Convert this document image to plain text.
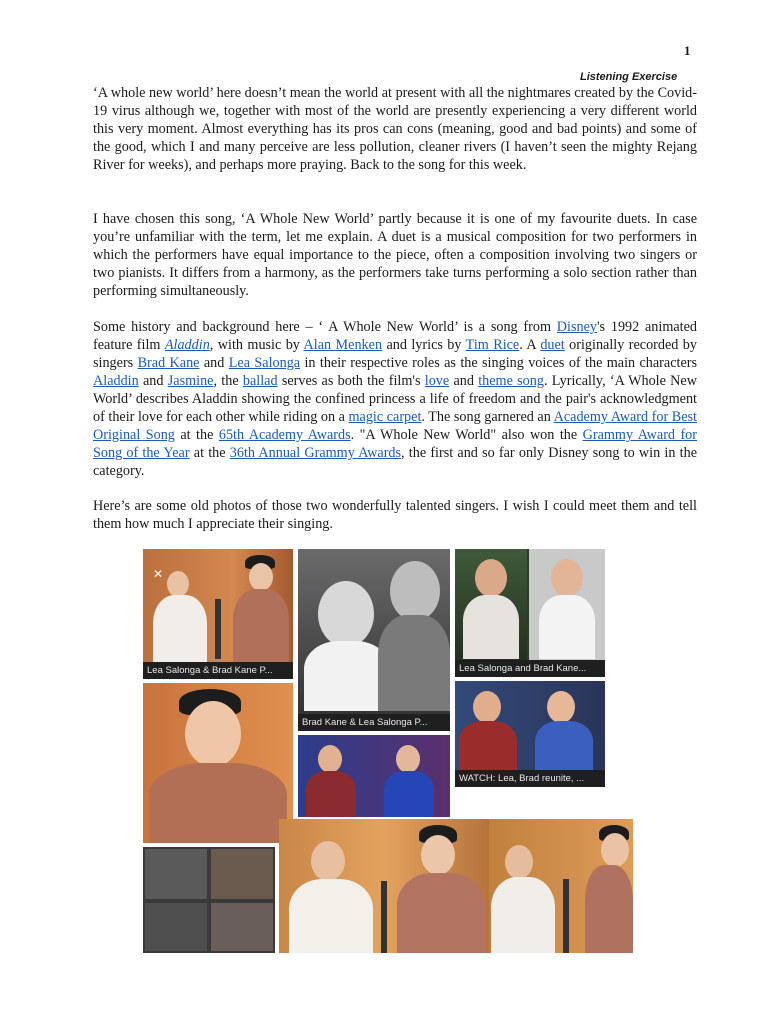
1
Listening Exercise

‘A whole new world’ here doesn’t mean the world at present with all the nightmares created by the Covid-19 virus although we, together with most of the world are presently experiencing a very different world this very moment. Almost everything has its pros can cons (meaning, good and bad points) and some of the good, which I and many perceive are less pollution, cleaner rivers (I haven’t seen the mighty Rejang River for weeks), and perhaps more praying. Back to the song for this week.

I have chosen this song, ‘A Whole New World’ partly because it is one of my favourite duets. In case you’re unfamiliar with the term, let me explain. A duet is a musical composition for two performers in which the performers have equal importance to the piece, often a composition involving two singers or two pianists. It differs from a harmony, as the performers take turns performing a solo section rather than performing simultaneously.

Some history and background here – ‘ A Whole New World’ is a song from Disney's 1992 animated feature film Aladdin, with music by Alan Menken and lyrics by Tim Rice. A duet originally recorded by singers Brad Kane and Lea Salonga in their respective roles as the singing voices of the main characters Aladdin and Jasmine, the ballad serves as both the film's love and theme song. Lyrically, ‘A Whole New World’ describes Aladdin showing the confined princess a life of freedom and the pair's acknowledgment of their love for each other while riding on a magic carpet. The song garnered an Academy Award for Best Original Song at the 65th Academy Awards. "A Whole New World" also won the Grammy Award for Song of the Year at the 36th Annual Grammy Awards, the first and so far only Disney song to win in the category.

Here’s are some old photos of those two wonderfully talented singers. I wish I could meet them and tell them how much I appreciate their singing.

✕
Lea Salonga & Brad Kane P...
Brad Kane & Lea Salonga P...
Lea Salonga and Brad Kane...
WATCH: Lea, Brad reunite, ...
